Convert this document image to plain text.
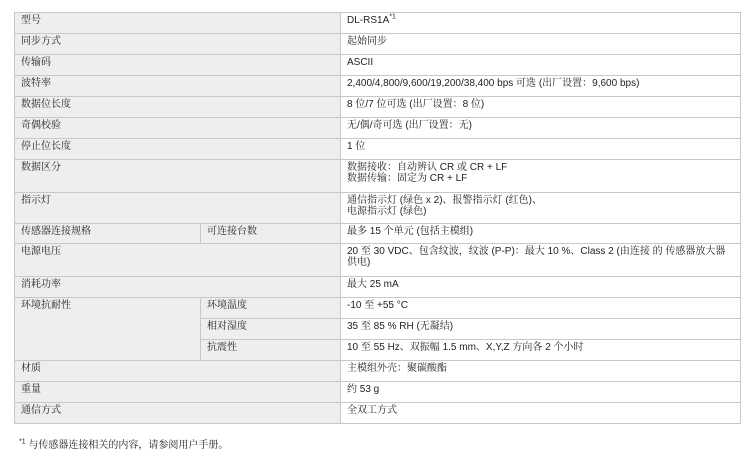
型号		$DL-RS1A^{*1}$
同步方式		起始同步
传输码		ASCII
波特率		2,400/4,800/9,600/19,200/38,400 bps 可选 (出厂设置：9,600 bps)
数据位长度		8 位/7 位可选 (出厂设置：8 位)
奇偶校验		无/偶/奇可选 (出厂设置：无)
停止位长度		1 位
数据区分		数据接收：自动辨认 CR 或 CR + LF
数据传输：固定为 CR + LF

指示灯		通信指示灯 (绿色 x 2)、报警指示灯 (红色)、
电源指示灯 (绿色)

传感器连接规格	可连接台数	最多 15 个单元 (包括主模组)
电源电压		20 至 30 VDC、包含纹波，纹波 (P-P)：最大 10 %、Class 2 (由连接 的 传感器放大器
供电)

消耗功率		最大 25 mA
环境抗耐性	环境温度	-10 至 +55 °C
	相对湿度	35 至 85 % RH (无凝结)
	抗震性	10 至 55 Hz、双振幅 1.5 mm、X,Y,Z 方向各 2 个小时
材质		主模组外壳：聚碳酸酯
重量		约 53 g
通信方式		全双工方式
$^{*1}$ 与传感器连接相关的内容，请参阅用户手册。
